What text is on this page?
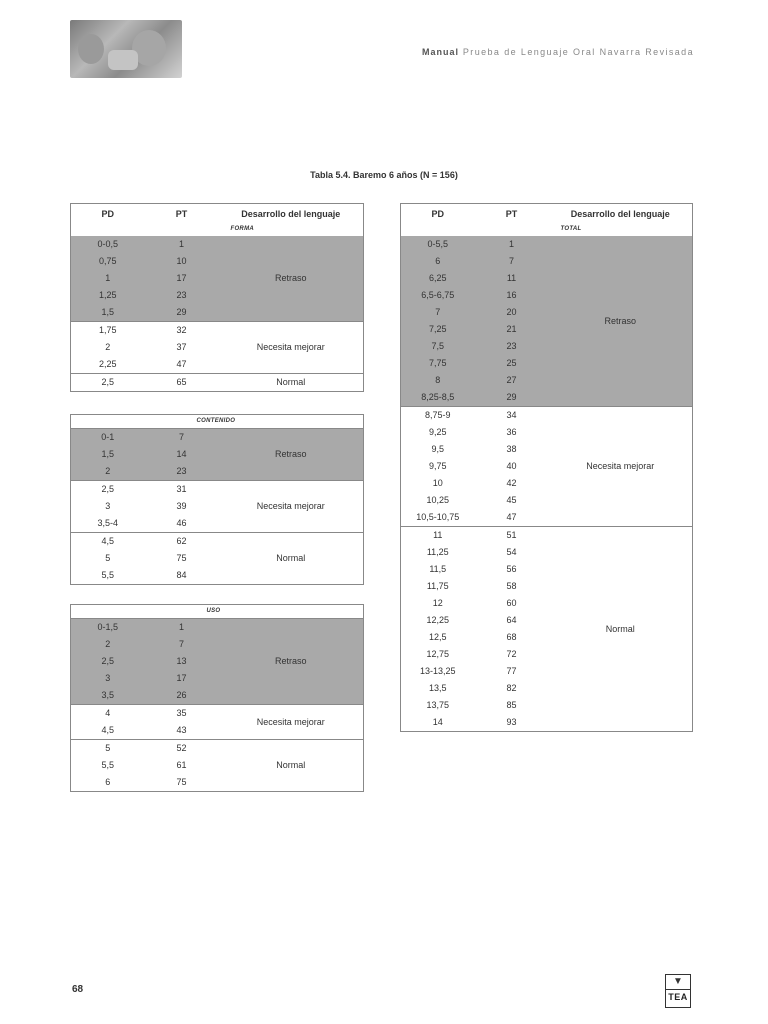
Manual Prueba de Lenguaje Oral Navarra Revisada
Tabla 5.4. Baremo 6 años (N = 156)
PD	PT	Desarrollo del lenguaje
		FORMA
0-0,5	1	Retraso
0,75	10	
1	17	
1,25	23	
1,5	29	
1,75	32	Necesita mejorar
2	37	
2,25	47	
2,5	65	Normal
	CONTENIDO	
0-1	7	Retraso
1,5	14	
2	23	
2,5	31	Necesita mejorar
3	39	
3,5-4	46	
4,5	62	Normal
5	75	
5,5	84	
	USO	
0-1,5	1	Retraso
2	7	
2,5	13	
3	17	
3,5	26	
4	35	Necesita mejorar
4,5	43	
5	52	Normal
5,5	61	
6	75	
PD	PT	Desarrollo del lenguaje
		TOTAL
0-5,5	1	Retraso
6	7	
6,25	11	
6,5-6,75	16	
7	20	
7,25	21	
7,5	23	
7,75	25	
8	27	
8,25-8,5	29	
8,75-9	34	Necesita mejorar
9,25	36	
9,5	38	
9,75	40	
10	42	
10,25	45	
10,5-10,75	47	
11	51	Normal
11,25	54	
11,5	56	
11,75	58	
12	60	
12,25	64	
12,5	68	
12,75	72	
13-13,25	77	
13,5	82	
13,75	85	
14	93	
68
▼
TEA
